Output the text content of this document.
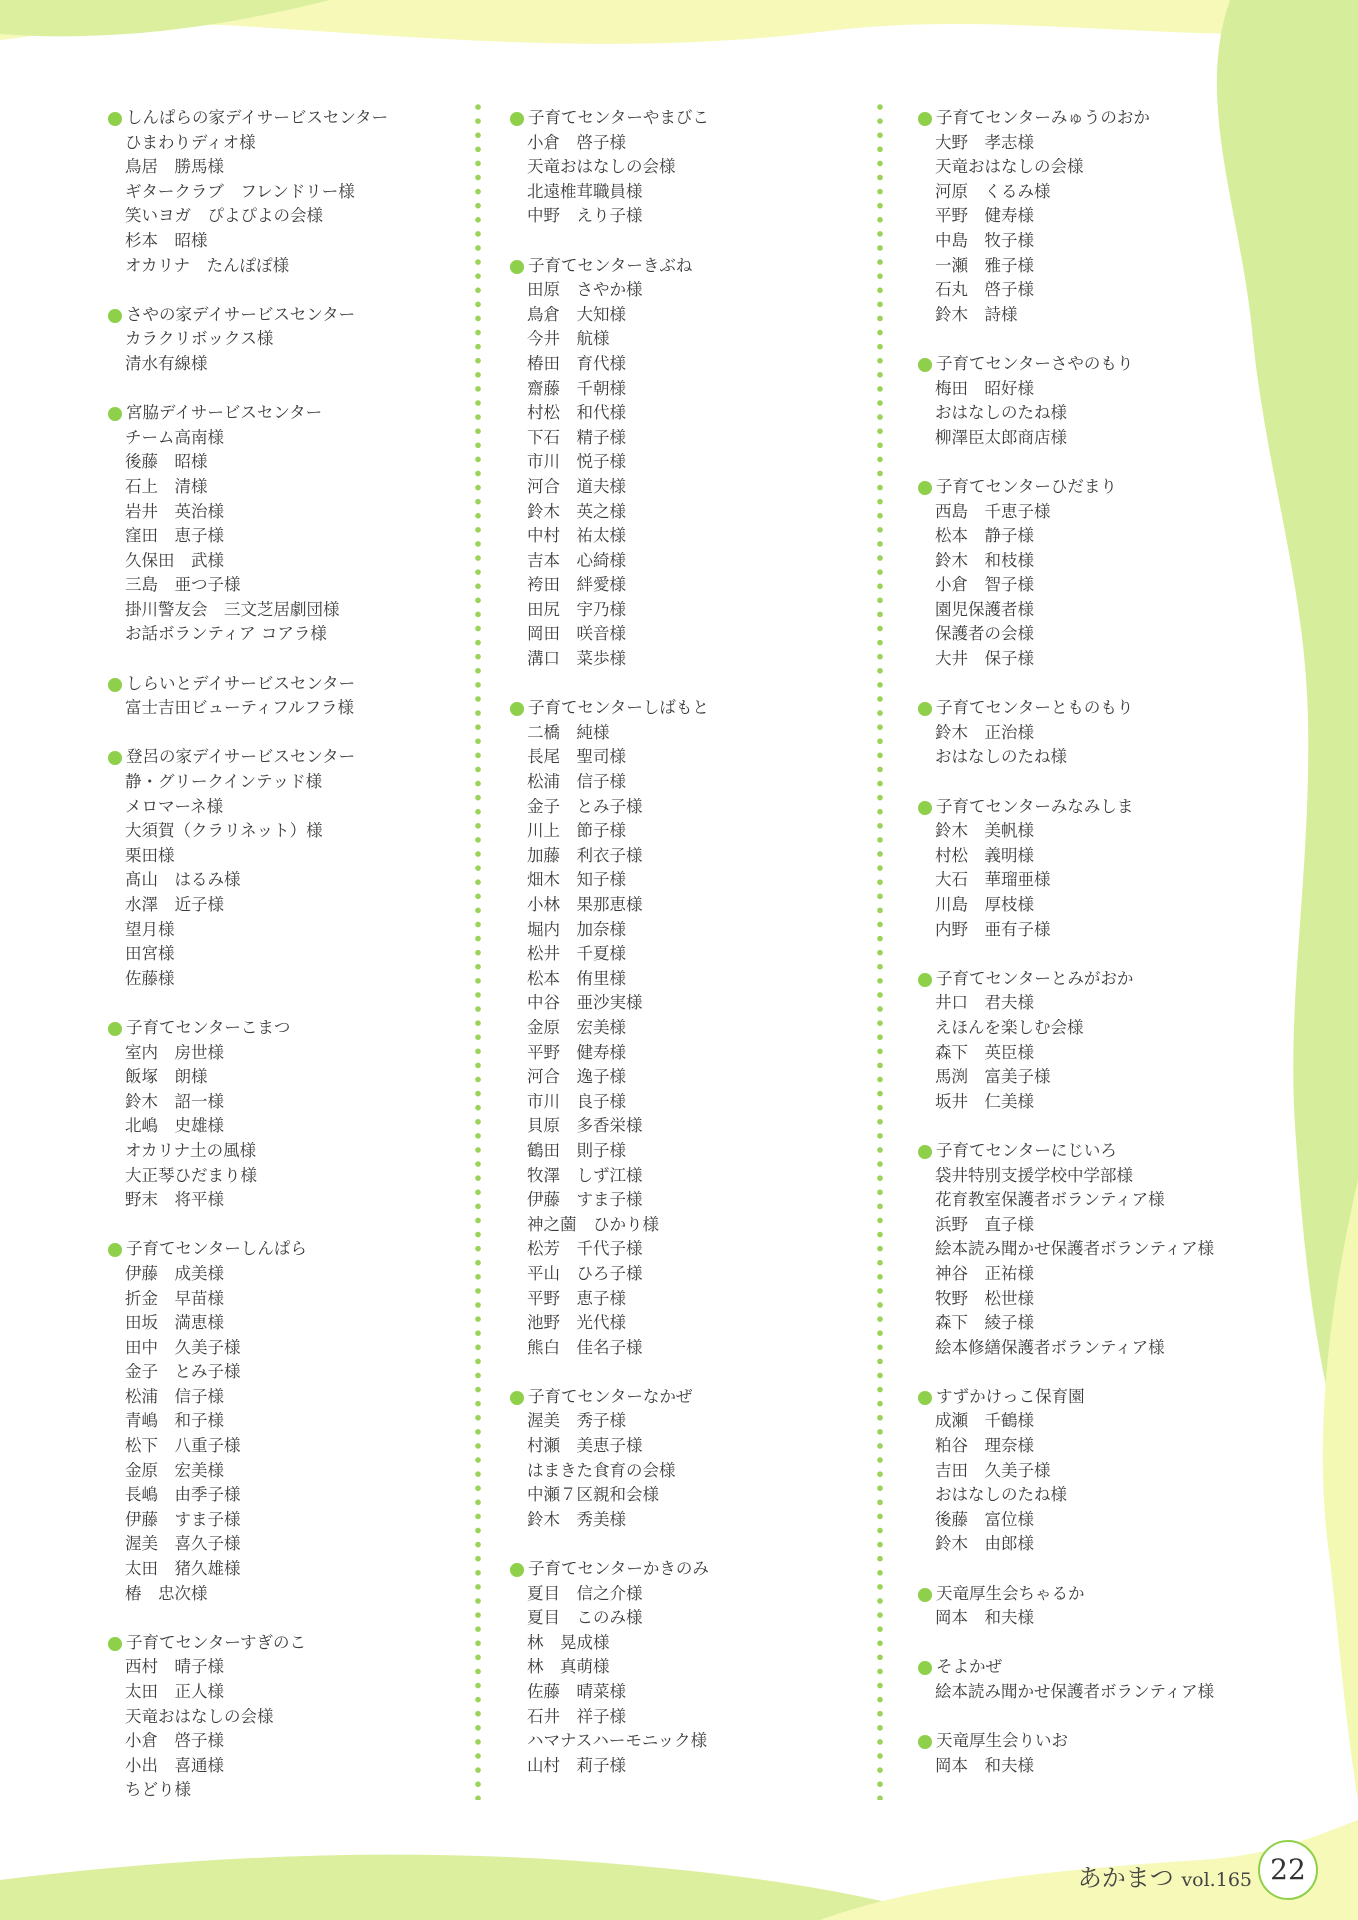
しんぱらの家デイサービスセンター
ひまわりディオ様
鳥居　勝馬様
ギタークラブ　フレンドリー様
笑いヨガ　ぴよぴよの会様
杉本　昭様
オカリナ　たんぽぽ様
さやの家デイサービスセンター
カラクリボックス様
清水有線様
宮脇デイサービスセンター
チーム高南様
後藤　昭様
石上　清様
岩井　英治様
窪田　恵子様
久保田　武様
三島　亜つ子様
掛川警友会　三文芝居劇団様
お話ボランティア コアラ様
しらいとデイサービスセンター
富士吉田ビューティフルフラ様
登呂の家デイサービスセンター
静・グリークインテッド様
メロマーネ様
大須賀（クラリネット）様
栗田様
髙山　はるみ様
水澤　近子様
望月様
田宮様
佐藤様
子育てセンターこまつ
室内　房世様
飯塚　朗様
鈴木　詔一様
北嶋　史雄様
オカリナ土の風様
大正琴ひだまり様
野末　将平様
子育てセンターしんぱら
伊藤　成美様
折金　早苗様
田坂　満恵様
田中　久美子様
金子　とみ子様
松浦　信子様
青嶋　和子様
松下　八重子様
金原　宏美様
長嶋　由季子様
伊藤　すま子様
渥美　喜久子様
太田　猪久雄様
椿　忠次様
子育てセンターすぎのこ
西村　晴子様
太田　正人様
天竜おはなしの会様
小倉　啓子様
小出　喜通様
ちどり様
子育てセンターやまびこ
小倉　啓子様
天竜おはなしの会様
北遠椎茸職員様
中野　えり子様
子育てセンターきぶね
田原　さやか様
鳥倉　大知様
今井　航様
椿田　育代様
齋藤　千朝様
村松　和代様
下石　精子様
市川　悦子様
河合　道夫様
鈴木　英之様
中村　祐太様
吉本　心綺様
袴田　絆愛様
田尻　宇乃様
岡田　咲音様
溝口　菜歩様
子育てセンターしばもと
二橋　純様
長尾　聖司様
松浦　信子様
金子　とみ子様
川上　節子様
加藤　利衣子様
畑木　知子様
小林　果那恵様
堀内　加奈様
松井　千夏様
松本　侑里様
中谷　亜沙実様
金原　宏美様
平野　健寿様
河合　逸子様
市川　良子様
貝原　多香栄様
鶴田　則子様
牧澤　しず江様
伊藤　すま子様
神之薗　ひかり様
松芳　千代子様
平山　ひろ子様
平野　恵子様
池野　光代様
熊白　佳名子様
子育てセンターなかぜ
渥美　秀子様
村瀬　美恵子様
はまきた食育の会様
中瀬７区親和会様
鈴木　秀美様
子育てセンターかきのみ
夏目　信之介様
夏目　このみ様
林　晃成様
林　真萌様
佐藤　晴菜様
石井　祥子様
ハマナスハーモニック様
山村　莉子様
子育てセンターみゅうのおか
大野　孝志様
天竜おはなしの会様
河原　くるみ様
平野　健寿様
中島　牧子様
一瀬　雅子様
石丸　啓子様
鈴木　詩様
子育てセンターさやのもり
梅田　昭好様
おはなしのたね様
柳澤臣太郎商店様
子育てセンターひだまり
西島　千恵子様
松本　静子様
鈴木　和枝様
小倉　智子様
園児保護者様
保護者の会様
大井　保子様
子育てセンターとものもり
鈴木　正治様
おはなしのたね様
子育てセンターみなみしま
鈴木　美帆様
村松　義明様
大石　華瑠亜様
川島　厚枝様
内野　亜有子様
子育てセンターとみがおか
井口　君夫様
えほんを楽しむ会様
森下　英臣様
馬渕　富美子様
坂井　仁美様
子育てセンターにじいろ
袋井特別支援学校中学部様
花育教室保護者ボランティア様
浜野　直子様
絵本読み聞かせ保護者ボランティア様
神谷　正祐様
牧野　松世様
森下　綾子様
絵本修繕保護者ボランティア様
すずかけっこ保育園
成瀬　千鶴様
粕谷　理奈様
吉田　久美子様
おはなしのたね様
後藤　富位様
鈴木　由郎様
天竜厚生会ちゃるか
岡本　和夫様
そよかぜ
絵本読み聞かせ保護者ボランティア様
天竜厚生会りいお
岡本　和夫様
あかまつ vol.165 22
